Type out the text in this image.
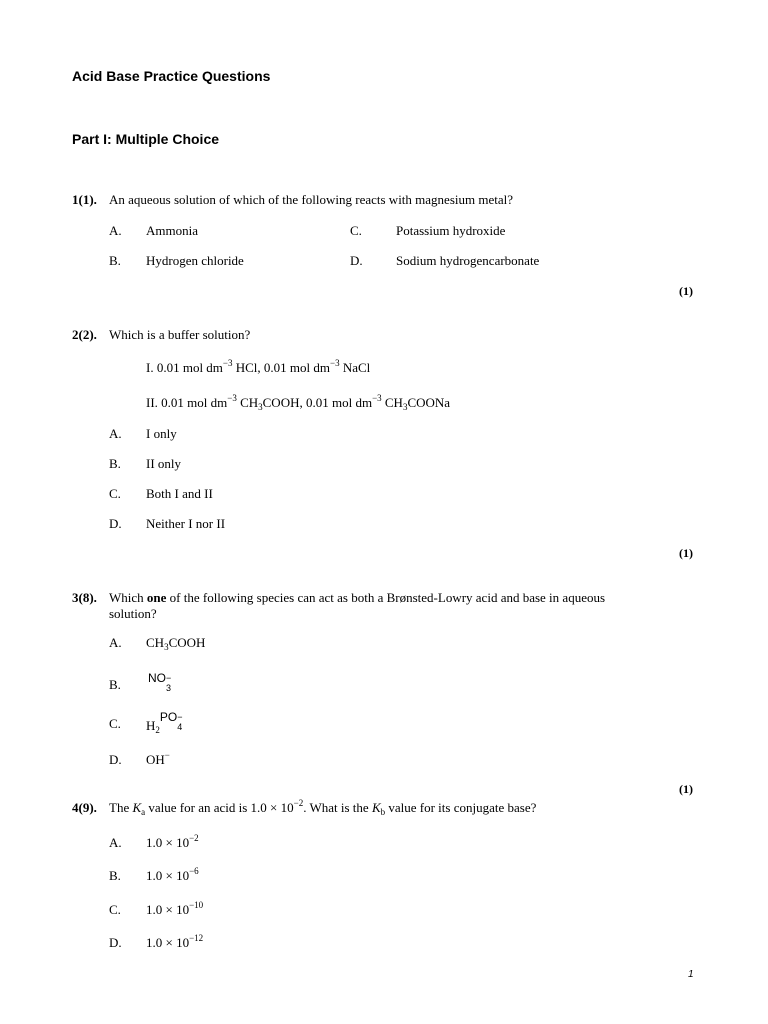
Acid Base Practice Questions
Part I: Multiple Choice
1(1). An aqueous solution of which of the following reacts with magnesium metal?
A. Ammonia	C.	Potassium hydroxide
B. Hydrogen chloride	D.	Sodium hydrogencarbonate
(1)
2(2). Which is a buffer solution?
I. 0.01 mol $dm^{-3}$ HCl, 0.01 mol $dm^{-3}$ NaCl
II. 0.01 mol $dm^{-3}$ $CH_3COOH$, 0.01 mol $dm^{-3}$ $CH_3COONa$
A. I only
B. II only
C. Both I and II
D. Neither I nor II
(1)
3(8). Which one of the following species can act as both a Brønsted-Lowry acid and base in aqueous
solution?
A. $CH_3COOH$
B. NO −
3
C. $H_2PO$ −
4
D. OH−
(1)
4(9). The $K_a$ value for an acid is $1.0 \times 10^{-2}$. What is the $K_b$ value for its conjugate base?
A. $1.0 \times 10^{-2}$
B. $1.0 \times 10^{-6}$
C. $1.0 \times 10^{-10}$
D. $1.0 \times 10^{-12}$
1
